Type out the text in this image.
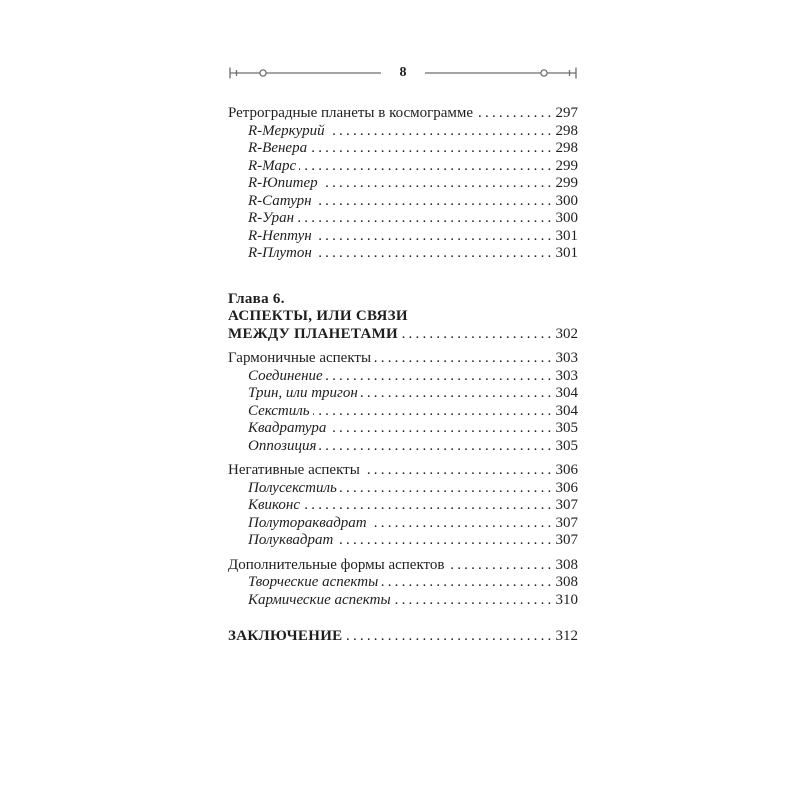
8
Ретроградные планеты в космограмме .....	297
R-Меркурий .....	298
R-Венера .....	298
R-Марс .....	299
R-Юпитер .....	299
R-Сатурн .....	300
R-Уран .....	300
R-Нептун .....	301
R-Плутон .....	301
Глава 6.
АСПЕКТЫ, ИЛИ СВЯЗИ
МЕЖДУ ПЛАНЕТАМИ .....	302
Гармоничные аспекты .....	303
Соединение .....	303
Трин, или тригон .....	304
Секстиль .....	304
Квадратура .....	305
Оппозиция .....	305
Негативные аспекты .....	306
Полусекстиль .....	306
Квиконс .....	307
Полутораквадрат .....	307
Полуквадрат .....	307
Дополнительные формы аспектов .....	308
Творческие аспекты .....	308
Кармические аспекты .....	310
ЗАКЛЮЧЕНИЕ .....	312
